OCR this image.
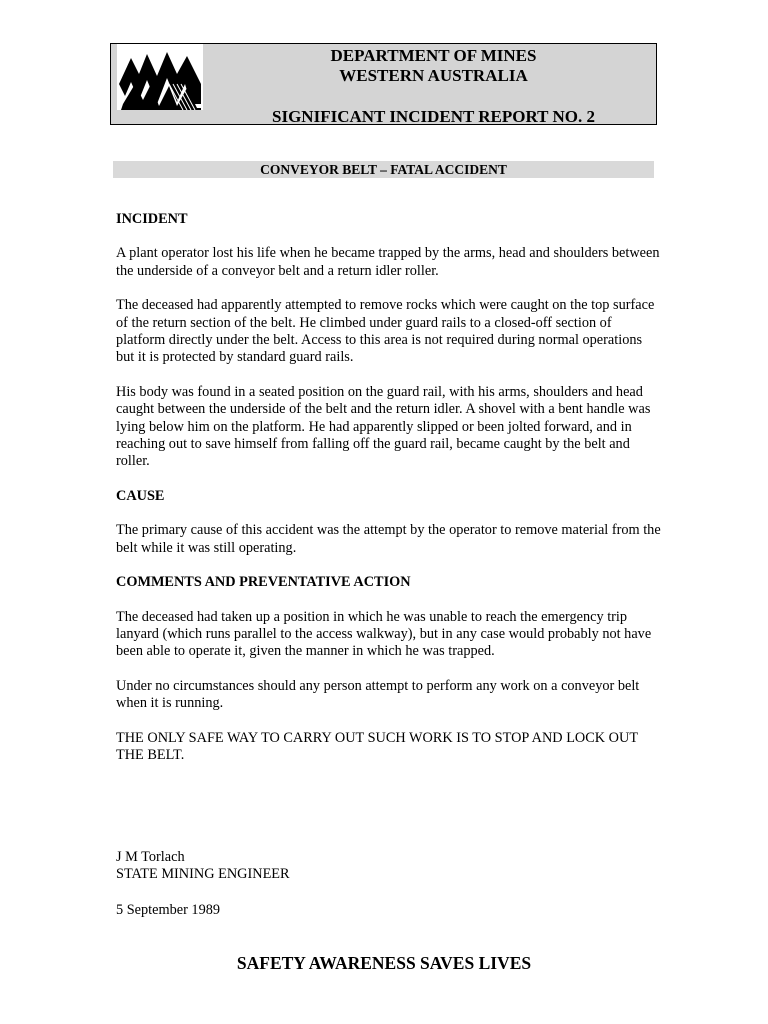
DEPARTMENT OF MINES
WESTERN AUSTRALIA
SIGNIFICANT INCIDENT REPORT NO. 2
CONVEYOR BELT – FATAL ACCIDENT
INCIDENT

A plant operator lost his life when he became trapped by the arms, head and shoulders between the underside of a conveyor belt and a return idler roller.

The deceased had apparently attempted to remove rocks which were caught on the top surface of the return section of the belt. He climbed under guard rails to a closed-off section of platform directly under the belt. Access to this area is not required during normal operations but it is protected by standard guard rails.

His body was found in a seated position on the guard rail, with his arms, shoulders and head caught between the underside of the belt and the return idler. A shovel with a bent handle was lying below him on the platform. He had apparently slipped or been jolted forward, and in reaching out to save himself from falling off the guard rail, became caught by the belt and roller.

CAUSE

The primary cause of this accident was the attempt by the operator to remove material from the belt while it was still operating.

COMMENTS AND PREVENTATIVE ACTION

The deceased had taken up a position in which he was unable to reach the emergency trip lanyard (which runs parallel to the access walkway), but in any case would probably not have been able to operate it, given the manner in which he was trapped.

Under no circumstances should any person attempt to perform any work on a conveyor belt when it is running.

THE ONLY SAFE WAY TO CARRY OUT SUCH WORK IS TO STOP AND LOCK OUT THE BELT.

J M Torlach
STATE MINING ENGINEER
5 September 1989
SAFETY AWARENESS SAVES LIVES
